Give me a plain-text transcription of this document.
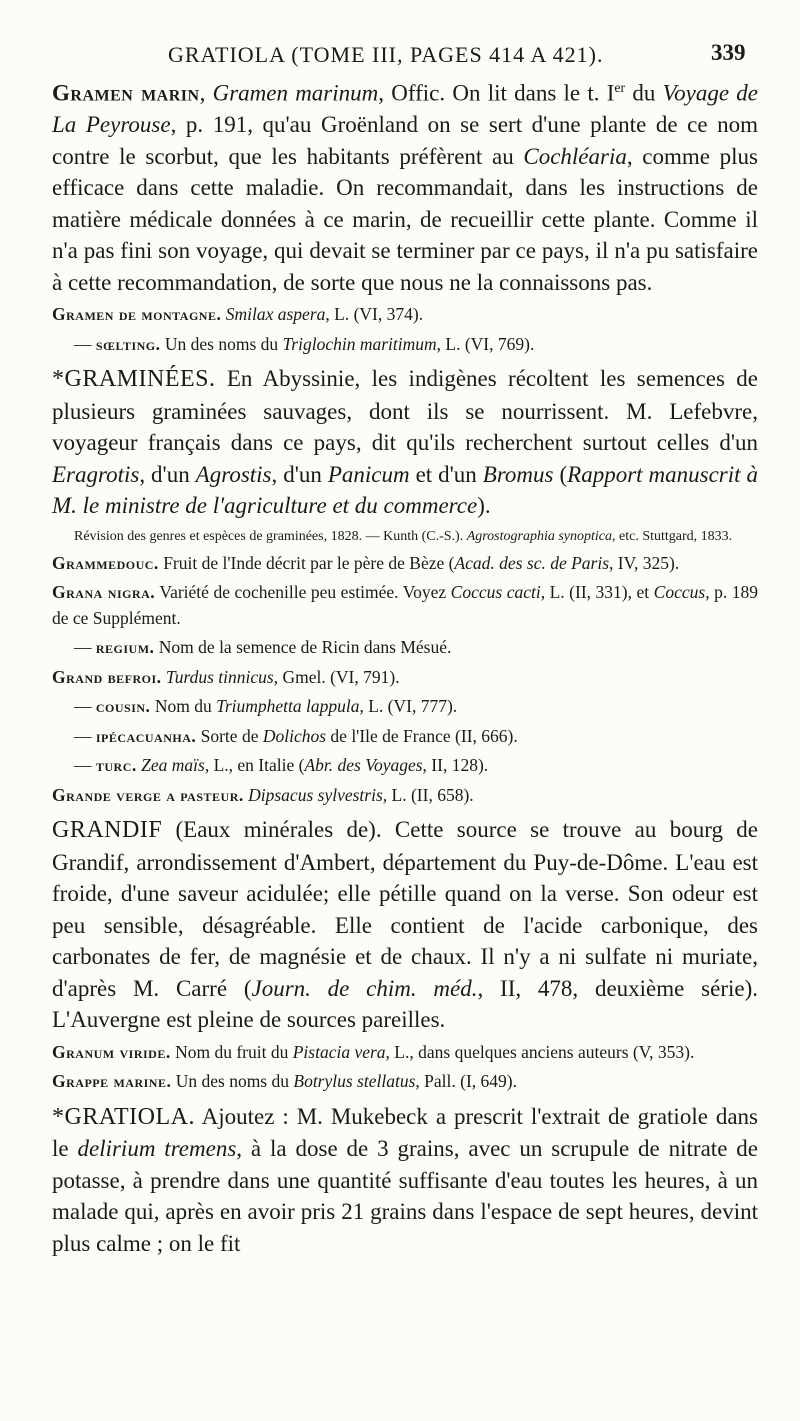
GRATIOLA (TOME III, PAGES 414 A 421).	339

Gramen marin, Gramen marinum, Offic. On lit dans le t. Ier du Voyage de La Peyrouse, p. 191, qu'au Groënland on se sert d'une plante de ce nom contre le scorbut, que les habitants préfèrent au Cochléaria, comme plus efficace dans cette maladie. On recommandait, dans les instructions de matière médicale données à ce marin, de recueillir cette plante. Comme il n'a pas fini son voyage, qui devait se terminer par ce pays, il n'a pu satisfaire à cette recommandation, de sorte que nous ne la connaissons pas.

Gramen de montagne. Smilax aspera, L. (VI, 374).

— sœlting. Un des noms du Triglochin maritimum, L. (VI, 769).

*GRAMINÉES. En Abyssinie, les indigènes récoltent les semences de plusieurs graminées sauvages, dont ils se nourrissent. M. Lefebvre, voyageur français dans ce pays, dit qu'ils recherchent surtout celles d'un Eragrotis, d'un Agrostis, d'un Panicum et d'un Bromus (Rapport manuscrit à M. le ministre de l'agriculture et du commerce).

Révision des genres et espèces de graminées, 1828. — Kunth (C.-S.). Agrostographia synoptica, etc. Stuttgard, 1833.

Grammedouc. Fruit de l'Inde décrit par le père de Bèze (Acad. des sc. de Paris, IV, 325).

Grana nigra. Variété de cochenille peu estimée. Voyez Coccus cacti, L. (II, 331), et Coccus, p. 189 de ce Supplément.

— regium. Nom de la semence de Ricin dans Mésué.

Grand befroi. Turdus tinnicus, Gmel. (VI, 791).

— cousin. Nom du Triumphetta lappula, L. (VI, 777).

— ipécacuanha. Sorte de Dolichos de l'Ile de France (II, 666).

— turc. Zea maïs, L., en Italie (Abr. des Voyages, II, 128).

Grande verge a pasteur. Dipsacus sylvestris, L. (II, 658).

GRANDIF (Eaux minérales de). Cette source se trouve au bourg de Grandif, arrondissement d'Ambert, département du Puy-de-Dôme. L'eau est froide, d'une saveur acidulée; elle pétille quand on la verse. Son odeur est peu sensible, désagréable. Elle contient de l'acide carbonique, des carbonates de fer, de magnésie et de chaux. Il n'y a ni sulfate ni muriate, d'après M. Carré (Journ. de chim. méd., II, 478, deuxième série). L'Auvergne est pleine de sources pareilles.

Granum viride. Nom du fruit du Pistacia vera, L., dans quelques anciens auteurs (V, 353).

Grappe marine. Un des noms du Botrylus stellatus, Pall. (I, 649).

*GRATIOLA. Ajoutez : M. Mukebeck a prescrit l'extrait de gratiole dans le delirium tremens, à la dose de 3 grains, avec un scrupule de nitrate de potasse, à prendre dans une quantité suffisante d'eau toutes les heures, à un malade qui, après en avoir pris 21 grains dans l'espace de sept heures, devint plus calme ; on le fit
